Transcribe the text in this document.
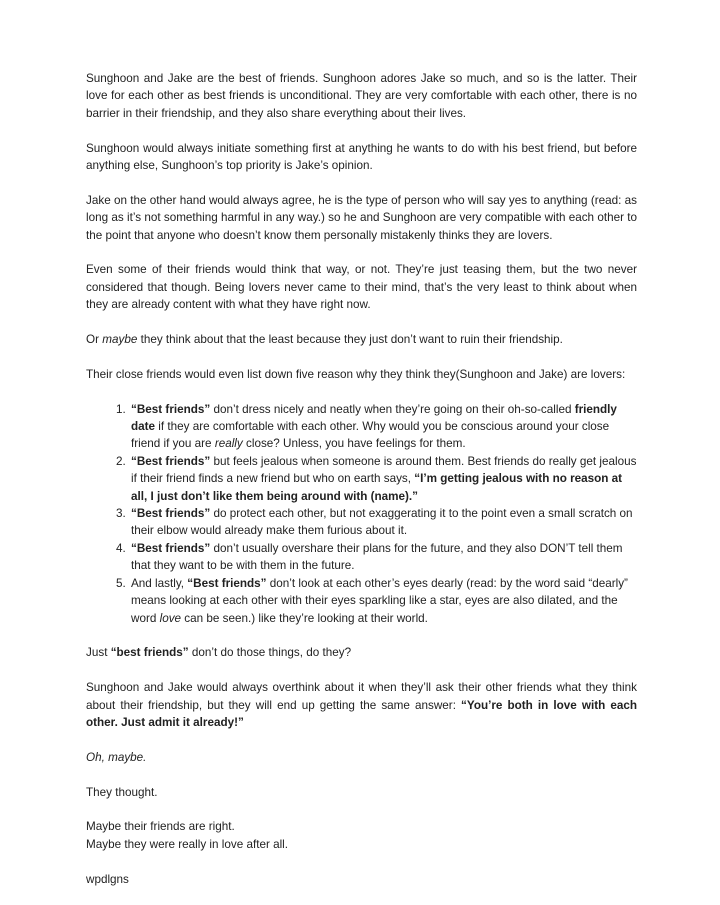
Sunghoon and Jake are the best of friends. Sunghoon adores Jake so much, and so is the latter. Their love for each other as best friends is unconditional. They are very comfortable with each other, there is no barrier in their friendship, and they also share everything about their lives.

Sunghoon would always initiate something first at anything he wants to do with his best friend, but before anything else, Sunghoon’s top priority is Jake’s opinion.

Jake on the other hand would always agree, he is the type of person who will say yes to anything (read: as long as it’s not something harmful in any way.) so he and Sunghoon are very compatible with each other to the point that anyone who doesn’t know them personally mistakenly thinks they are lovers.

Even some of their friends would think that way, or not. They’re just teasing them, but the two never considered that though. Being lovers never came to their mind, that’s the very least to think about when they are already content with what they have right now.

Or maybe they think about that the least because they just don’t want to ruin their friendship.

Their close friends would even list down five reason why they think they(Sunghoon and Jake) are lovers:

1. “Best friends” don’t dress nicely and neatly when they’re going on their oh-so-called friendly date if they are comfortable with each other. Why would you be conscious around your close friend if you are really close? Unless, you have feelings for them.
2. “Best friends” but feels jealous when someone is around them. Best friends do really get jealous if their friend finds a new friend but who on earth says, “I’m getting jealous with no reason at all, I just don’t like them being around with (name).”
3. “Best friends” do protect each other, but not exaggerating it to the point even a small scratch on their elbow would already make them furious about it.
4. “Best friends” don’t usually overshare their plans for the future, and they also DON’T tell them that they want to be with them in the future.
5. And lastly, “Best friends” don’t look at each other’s eyes dearly (read: by the word said “dearly” means looking at each other with their eyes sparkling like a star, eyes are also dilated, and the word love can be seen.) like they’re looking at their world.

Just “best friends” don’t do those things, do they?

Sunghoon and Jake would always overthink about it when they’ll ask their other friends what they think about their friendship, but they will end up getting the same answer: “You’re both in love with each other. Just admit it already!”

Oh, maybe.

They thought.

Maybe their friends are right.
Maybe they were really in love after all.

wpdlgns
